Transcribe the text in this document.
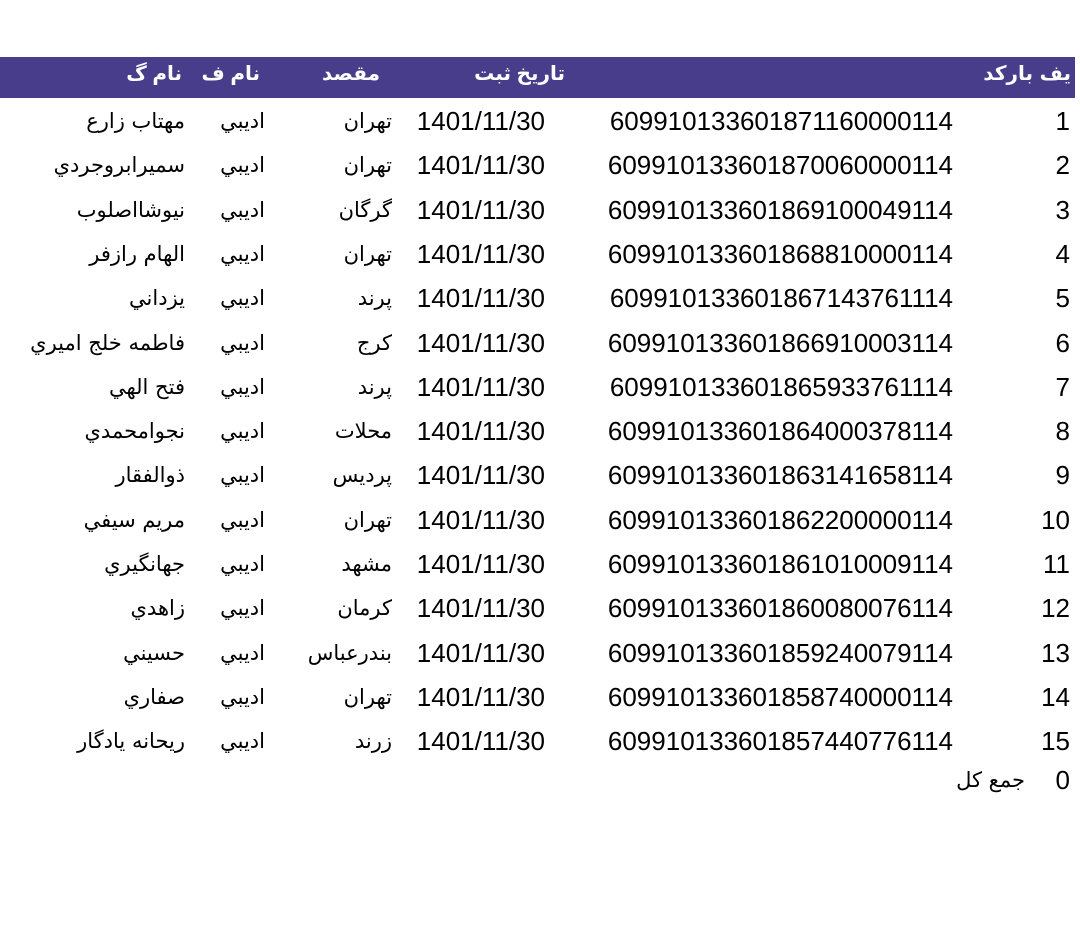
يف
بارکد
تاريخ ثبت
مقصد
نام ف
نام گ
1
609910133601871160000114
1401/11/30
تهران
اديبي
مهتاب زارع
2
609910133601870060000114
1401/11/30
تهران
اديبي
سميرابروجردي
3
609910133601869100049114
1401/11/30
گرگان
اديبي
نيوشااصلوب
4
609910133601868810000114
1401/11/30
تهران
اديبي
الهام رازفر
5
609910133601867143761114
1401/11/30
پرند
اديبي
يزداني
6
609910133601866910003114
1401/11/30
کرج
اديبي
فاطمه خلج اميري
7
609910133601865933761114
1401/11/30
پرند
اديبي
فتح الهي
8
609910133601864000378114
1401/11/30
محلات
اديبي
نجوامحمدي
9
609910133601863141658114
1401/11/30
پرديس
اديبي
ذوالفقار
10
609910133601862200000114
1401/11/30
تهران
اديبي
مريم سيفي
11
609910133601861010009114
1401/11/30
مشهد
اديبي
جهانگيري
12
609910133601860080076114
1401/11/30
کرمان
اديبي
زاهدي
13
609910133601859240079114
1401/11/30
بندرعباس
اديبي
حسيني
14
609910133601858740000114
1401/11/30
تهران
اديبي
صفاري
15
609910133601857440776114
1401/11/30
زرند
اديبي
ريحانه يادگار
0
جمع کل
